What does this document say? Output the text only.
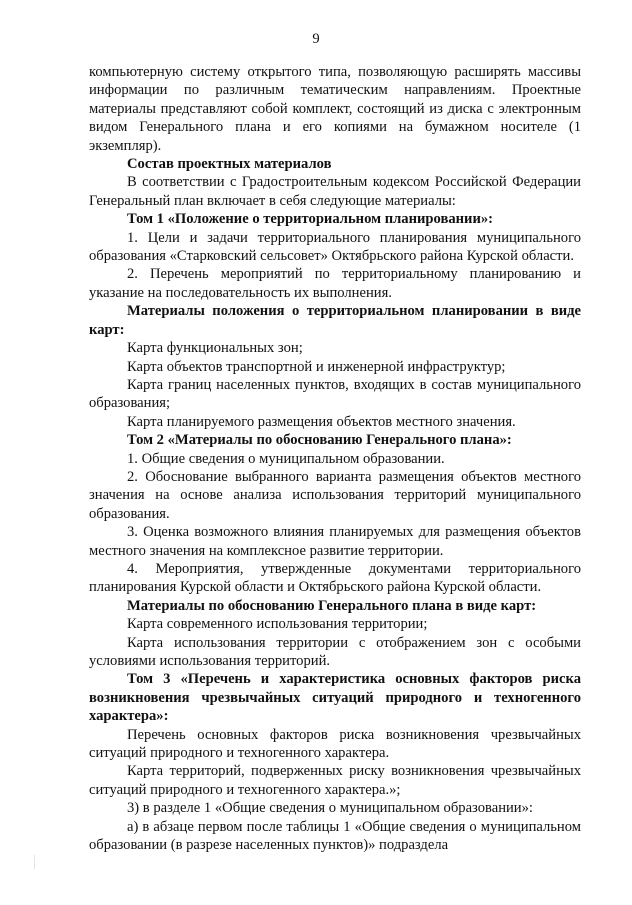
9

компьютерную систему открытого типа, позволяющую расширять массивы информации по различным тематическим направлениям. Проектные материалы представляют собой комплект, состоящий из диска с электронным видом Генерального плана и его копиями на бумажном носителе (1 экземпляр).

Состав проектных материалов

В соответствии с Градостроительным кодексом Российской Федерации Генеральный план включает в себя следующие материалы:

Том 1 «Положение о территориальном планировании»:

1. Цели и задачи территориального планирования муниципального образования «Старковский сельсовет» Октябрьского района Курской области.

2. Перечень мероприятий по территориальному планированию и указание на последовательность их выполнения.

Материалы положения о территориальном планировании в виде карт:

Карта функциональных зон;

Карта объектов транспортной и инженерной инфраструктур;

Карта границ населенных пунктов, входящих в состав муниципального образования;

Карта планируемого размещения объектов местного значения.

Том 2 «Материалы по обоснованию Генерального плана»:

1. Общие сведения о муниципальном образовании.

2. Обоснование выбранного варианта размещения объектов местного значения на основе анализа использования территорий муниципального образования.

3. Оценка возможного влияния планируемых для размещения объектов местного значения на комплексное развитие территории.

4. Мероприятия, утвержденные документами территориального планирования Курской области и Октябрьского района Курской области.

Материалы по обоснованию Генерального плана в виде карт:

Карта современного использования территории;

Карта использования территории с отображением зон с особыми условиями использования территорий.

Том 3 «Перечень и характеристика основных факторов риска возникновения чрезвычайных ситуаций природного и техногенного характера»:

Перечень основных факторов риска возникновения чрезвычайных ситуаций природного и техногенного характера.

Карта территорий, подверженных риску возникновения чрезвычайных ситуаций природного и техногенного характера.»;

3) в разделе 1 «Общие сведения о муниципальном образовании»:

а) в абзаце первом после таблицы 1 «Общие сведения о муниципальном образовании (в разрезе населенных пунктов)» подраздела
